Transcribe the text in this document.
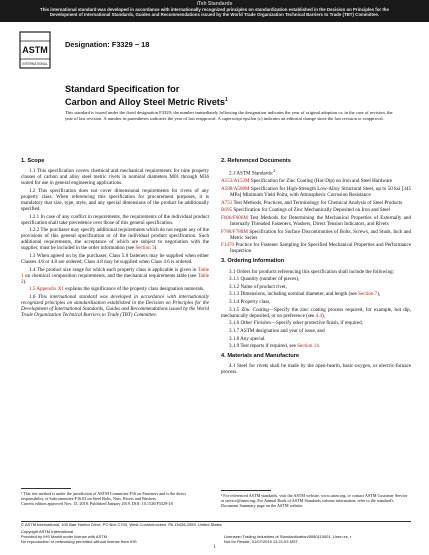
iTeh Standards
This international standard was developed in accordance with internationally recognized principles on standardization established in the Decision on Principles for the
Development of International Standards, Guides and Recommendations issued by the World Trade Organization Technical Barriers to Trade (TBT) Committee.
ASTM
INTERNATIONAL
Designation: F3329 − 18
Standard Specification for
Carbon and Alloy Steel Metric Rivets$^1$
This standard is issued under the fixed designation F3329; the number immediately following the designation indicates the year of original adoption or, in the case of revision, the year of last revision. A number in parentheses indicates the year of last reapproval. A superscript epsilon (ε) indicates an editorial change since the last revision or reapproval.
1. Scope

1.1 This specification covers chemical and mechanical requirements for nine property classes of carbon and alloy steel metric rivets in nominal diameters M01 through M36 suited for use in general engineering applications.

1.2 This specification does not cover dimensional requirements for rivets of any property class. When referencing this specification for procurement purposes, it is mandatory that size, type, style, and any special dimensions of the product be additionally specified.

1.2.1 In case of any conflict in requirements, the requirements of the individual product specification shall take precedence over those of this general specification.

1.2.2 The purchaser may specify additional requirements which do not negate any of the provisions of this general specification or of the individual product specification. Such additional requirements, the acceptance of which are subject to negotiation with the supplier, must be included in the order information (see Section 3).

1.3 When agreed on by the purchaser, Class 5.8 fasteners may be supplied when either Classes 4.6 or 4.8 are ordered; Class 4.8 may be supplied when Class 4.6 is ordered.

1.4 The product size range for which each property class is applicable is given in Table 1 on chemical composition requirements, and the mechanical requirements table (see Table 2).

1.5 Appendix X1 explains the significance of the property class designation numerals.

1.6 This international standard was developed in accordance with internationally recognized principles on standardization established in the Decision on Principles for the Development of International Standards, Guides and Recommendations issued by the World Trade Organization Technical Barriers to Trade (TBT) Committee.

2. Referenced Documents

2.1 ASTM Standards:$^2$

A153/A153M Specification for Zinc Coating (Hot-Dip) on Iron and Steel Hardware

A588/A588M Specification for High-Strength Low-Alloy Structural Steel, up to 50 ksi [345 MPa] Minimum Yield Point, with Atmospheric Corrosion Resistance

A751 Test Methods, Practices, and Terminology for Chemical Analysis of Steel Products

B695 Specification for Coatings of Zinc Mechanically Deposited on Iron and Steel

F606/F606M Test Methods for Determining the Mechanical Properties of Externally and Internally Threaded Fasteners, Washers, Direct Tension Indicators, and Rivets

F788/F788M Specification for Surface Discontinuities of Bolts, Screws, and Studs, Inch and Metric Series

F1470 Practice for Fastener Sampling for Specified Mechanical Properties and Performance Inspection

3. Ordering Information

3.1 Orders for products referencing this specification shall include the following:

3.1.1 Quantity (number of pieces),

3.1.2 Name of product rivet,

3.1.3 Dimensions, including nominal diameter, and length (see Section 7),

3.1.4 Property class,

3.1.5 Zinc Coating—Specify the zinc coating process required, for example, hot dip, mechanically deposited, or no preference (see 4.4),

3.1.6 Other Finishes—Specify other protective finish, if required,

3.1.7 ASTM designation and year of issue, and

3.1.8 Any special.

3.1.9 Test reports if required, see Section 14.

4. Materials and Manufacture

4.1 Steel for rivets shall be made by the open-hearth, basic-oxygen, or electric-furnace process.

¹ This test method is under the jurisdiction of ASTM Committee F16 on Fasteners and is the direct responsibility of Subcommittee F16.02 on Steel Bolts, Nuts, Rivets and Washers.
Current edition approved Nov. 15, 2018. Published January 2019. DOI: 10.1520/F3329-18
² For referenced ASTM standards, visit the ASTM website, www.astm.org, or contact ASTM Customer Service at service@astm.org. For Annual Book of ASTM Standards volume information, refer to the standard's Document Summary page on the ASTM website.
© ASTM International, 100 Barr Harbor Drive, PO Box C700, West Conshohocken, PA 19428-2959. United States
Copyright ASTM International
Provided by IHS Markit under license with ASTM
No reproduction or networking permitted without license from IHS
Licensee=Trading Industries of Standardization/5950110001, User=xx, r
Not for Resale, 01/07/2019 13:21:03 MST
1
